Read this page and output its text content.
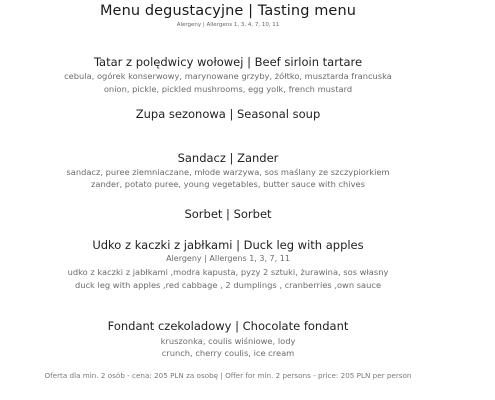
Menu degustacyjne | Tasting menu
Alergeny | Allergens 1, 3, 4, 7, 10, 11
Tatar z polędwicy wołowej | Beef sirloin tartare
cebula, ogórek konserwowy, marynowane grzyby, żółtko, musztarda francuska
onion, pickle, pickled mushrooms, egg yolk, french mustard
Zupa sezonowa | Seasonal soup
Sandacz | Zander
sandacz, puree ziemniaczane, młode warzywa, sos maślany ze szczypiorkiem
zander, potato puree, young vegetables, butter sauce with chives
Sorbet | Sorbet
Udko z kaczki z jabłkami | Duck leg with apples
Alergeny | Allergens 1, 3, 7, 11
udko z kaczki z jabłkami ,modra kapusta, pyzy 2 sztuki, żurawina, sos własny
duck leg with apples ,red cabbage , 2 dumplings , cranberries ,own sauce
Fondant czekoladowy | Chocolate fondant
kruszonka, coulis wiśniowe, lody
crunch, cherry coulis, ice cream
Oferta dla min. 2 osób - cena: 205 PLN za osobę | Offer for min. 2 persons - price: 205 PLN per person
